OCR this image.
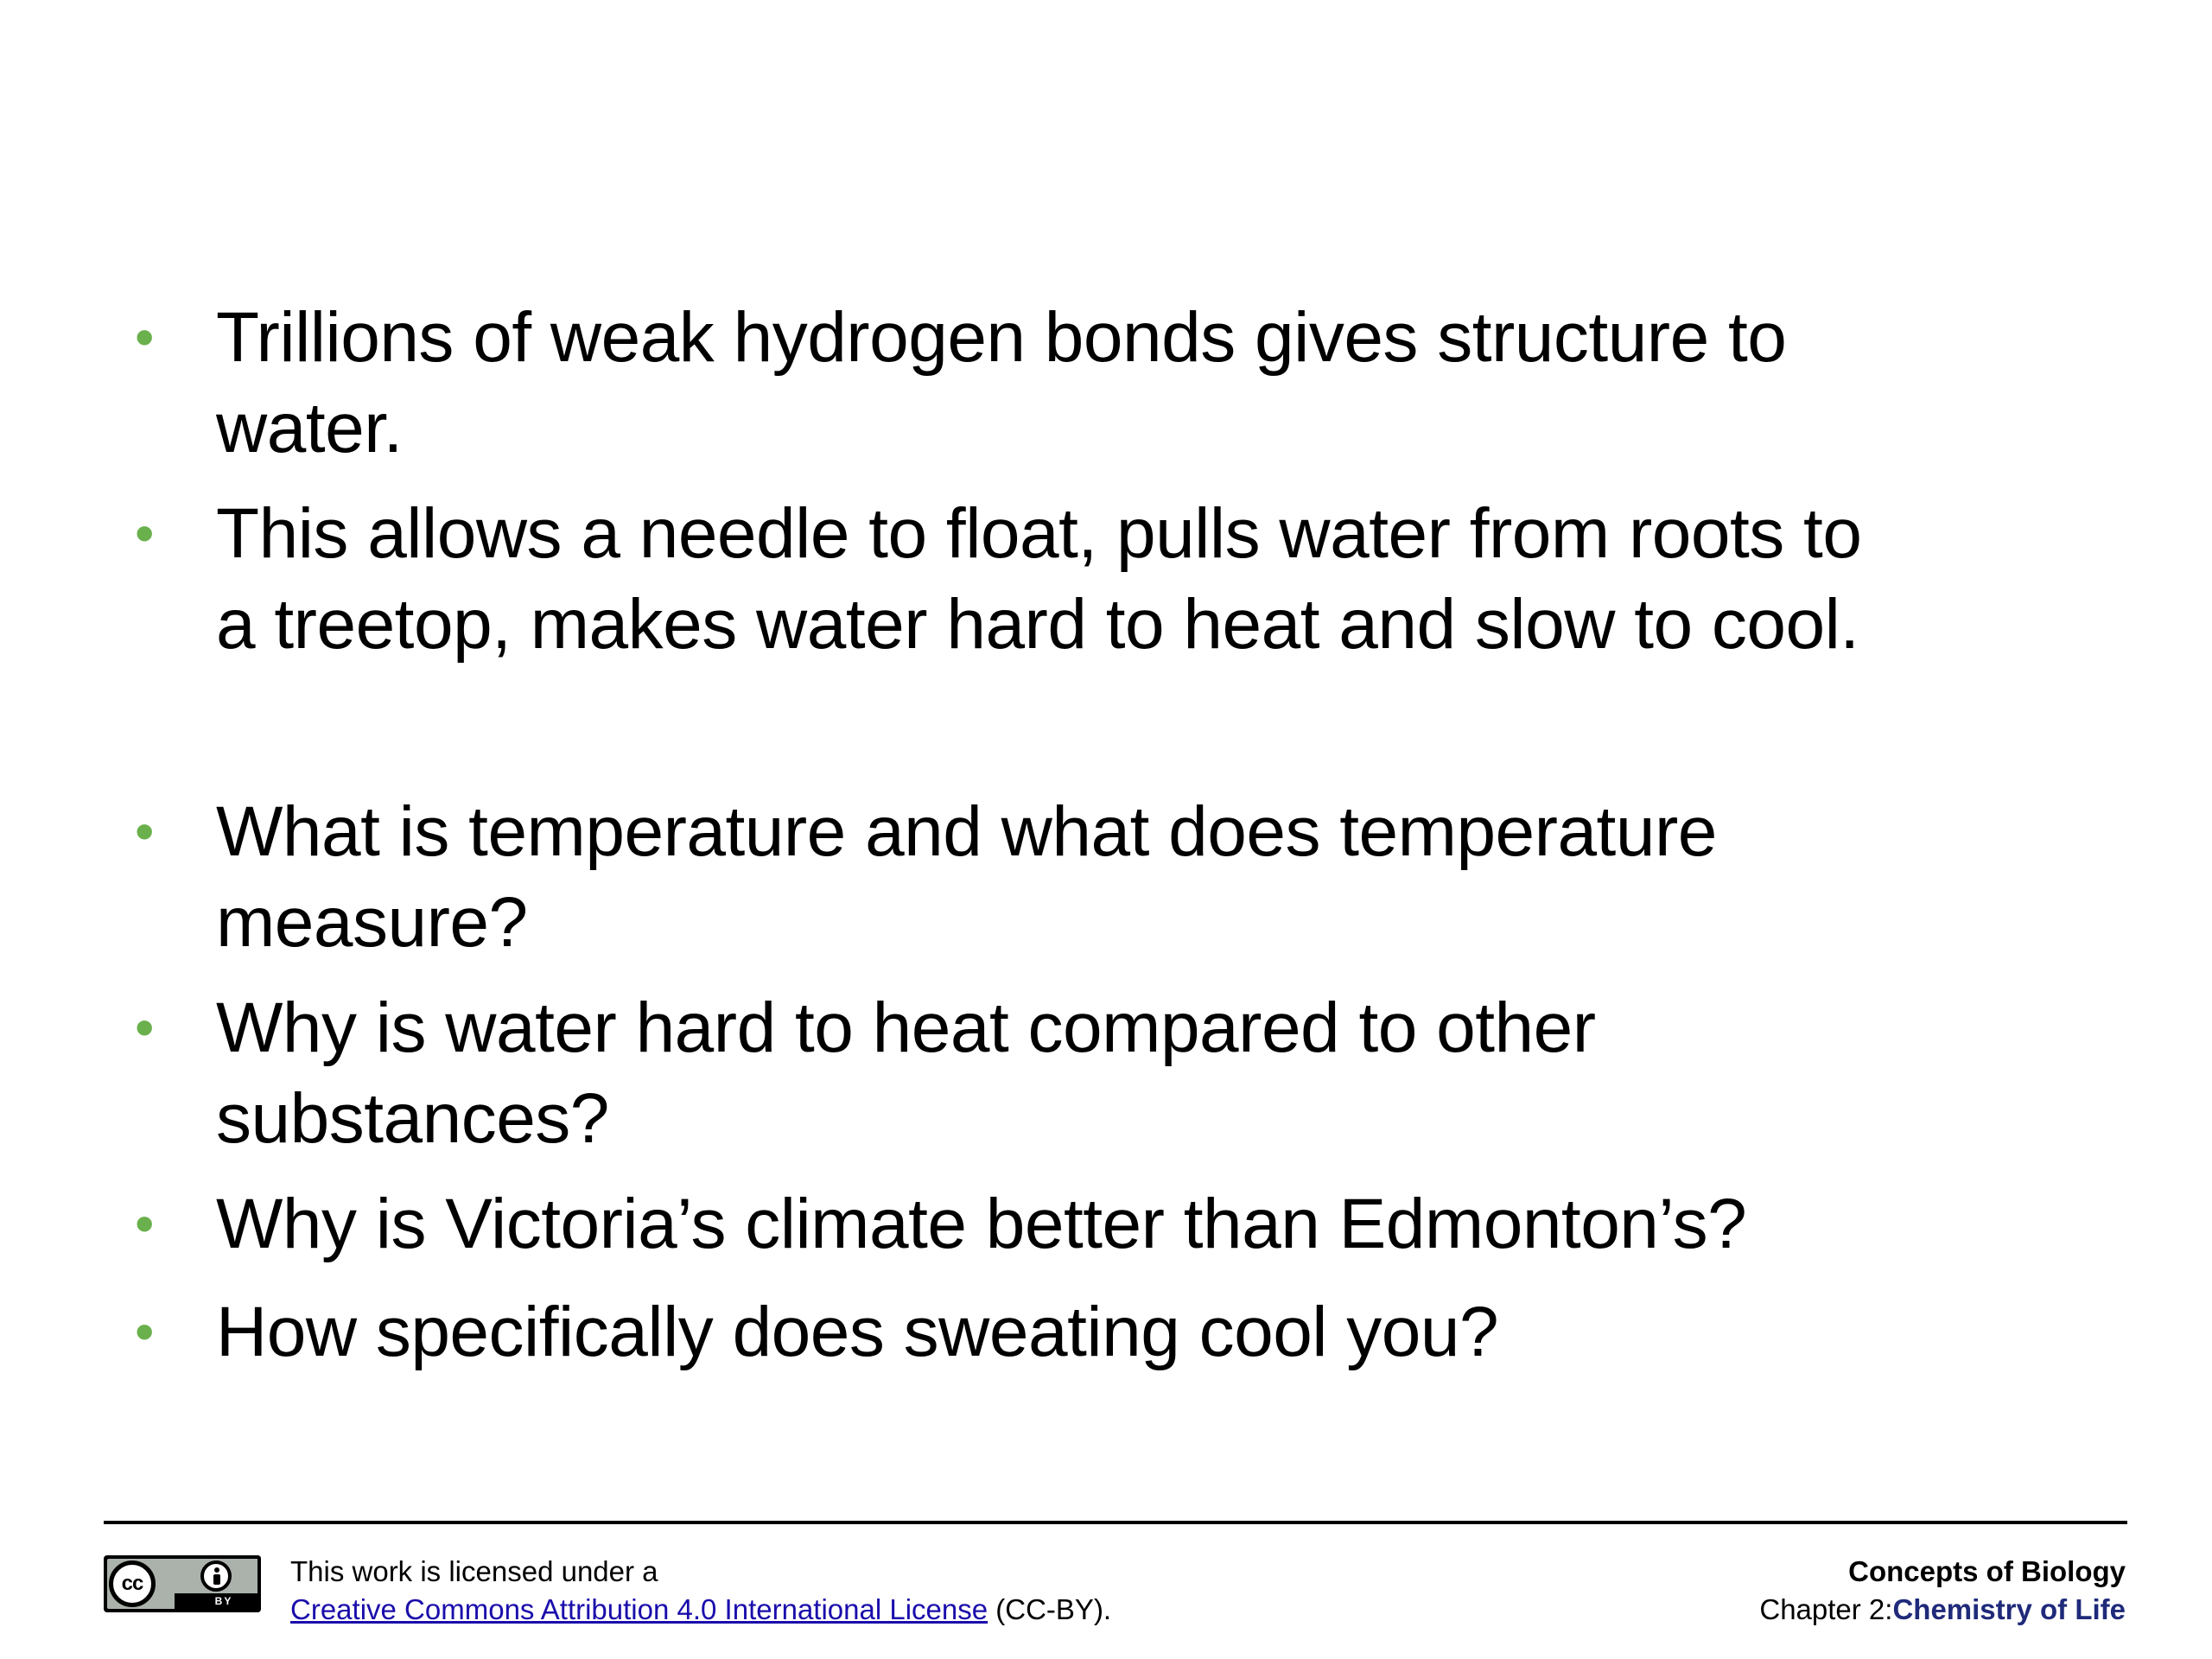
• Trillions of weak hydrogen bonds gives structure to
water.
• This allows a needle to float, pulls water from roots to
a treetop, makes water hard to heat and slow to cool.
• What is temperature and what does temperature
measure?
• Why is water hard to heat compared to other
substances?
• Why is Victoria’s climate better than Edmonton’s?
• How specifically does sweating cool you?
cc
BY
This work is licensed under a
Creative Commons Attribution 4.0 International License (CC-BY).
Concepts of Biology
Chapter 2:Chemistry of Life
